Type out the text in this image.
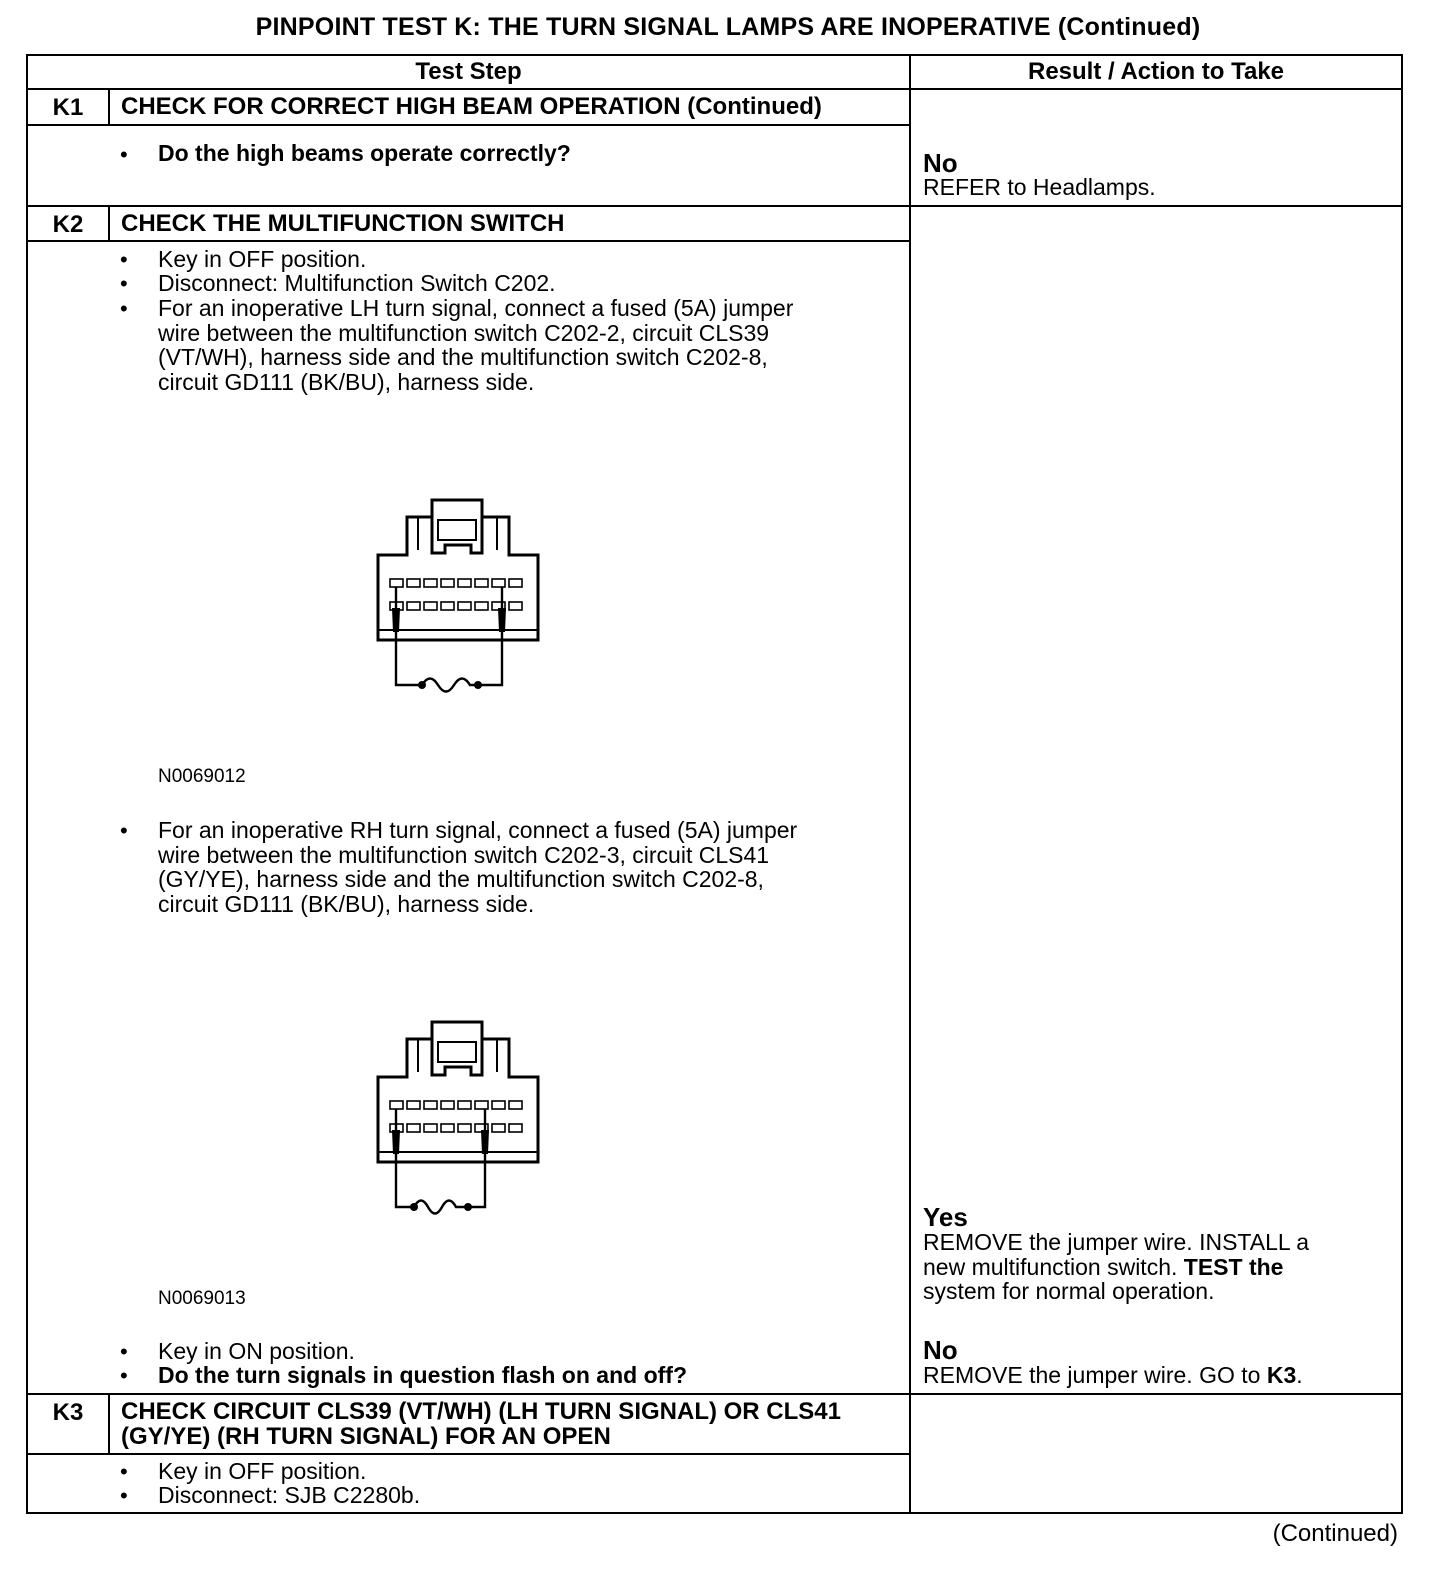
PINPOINT TEST K: THE TURN SIGNAL LAMPS ARE INOPERATIVE (Continued)
Test Step	Result / Action to Take
K1	CHECK FOR CORRECT HIGH BEAM OPERATION (Continued)
• Do the high beams operate correctly?	No
REFER to Headlamps.
K2	CHECK THE MULTIFUNCTION SWITCH
• Key in OFF position.
• Disconnect: Multifunction Switch C202.
• For an inoperative LH turn signal, connect a fused (5A) jumper
wire between the multifunction switch C202-2, circuit CLS39
(VT/WH), harness side and the multifunction switch C202-8,
circuit GD111 (BK/BU), harness side.
N0069012
• For an inoperative RH turn signal, connect a fused (5A) jumper
wire between the multifunction switch C202-3, circuit CLS41
(GY/YE), harness side and the multifunction switch C202-8,
circuit GD111 (BK/BU), harness side.
N0069013
• Key in ON position.
• Do the turn signals in question flash on and off?
Yes
REMOVE the jumper wire. INSTALL a
new multifunction switch. TEST the
system for normal operation.
No
REMOVE the jumper wire. GO to K3.
K3	CHECK CIRCUIT CLS39 (VT/WH) (LH TURN SIGNAL) OR CLS41
(GY/YE) (RH TURN SIGNAL) FOR AN OPEN
• Key in OFF position.
• Disconnect: SJB C2280b.
(Continued)
